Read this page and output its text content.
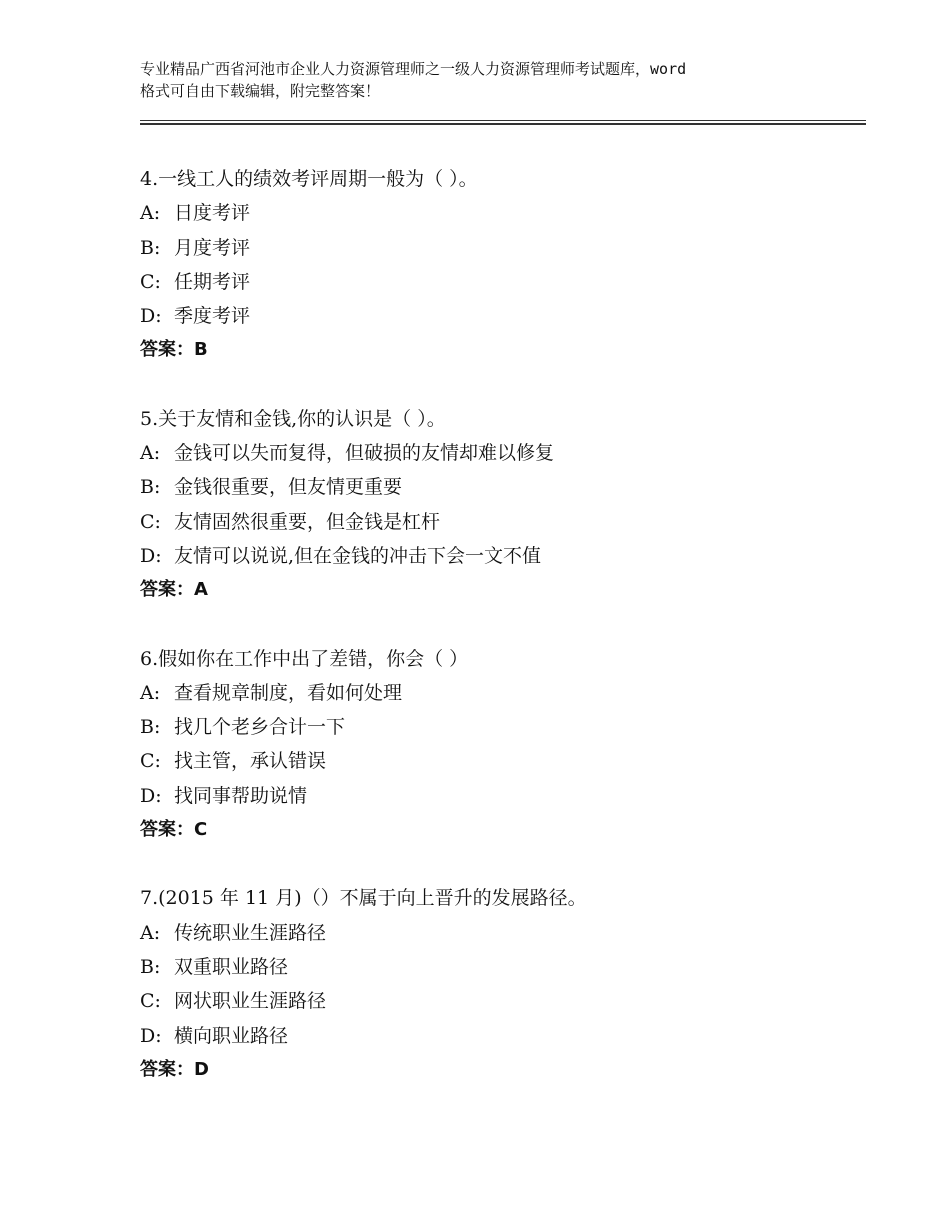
专业精品广西省河池市企业人力资源管理师之一级人力资源管理师考试题库，word
格式可自由下载编辑，附完整答案！
4.一线工人的绩效考评周期一般为（ ）。
A: 日度考评
B: 月度考评
C: 任期考评
D: 季度考评
答案：B
5.关于友情和金钱,你的认识是（ ）。
A: 金钱可以失而复得，但破损的友情却难以修复
B: 金钱很重要，但友情更重要
C: 友情固然很重要，但金钱是杠杆
D: 友情可以说说,但在金钱的冲击下会一文不值
答案：A
6.假如你在工作中出了差错，你会（ ）
A: 查看规章制度，看如何处理
B: 找几个老乡合计一下
C: 找主管，承认错误
D: 找同事帮助说情
答案：C
7.(2015 年 11 月)（）不属于向上晋升的发展路径。
A: 传统职业生涯路径
B: 双重职业路径
C: 网状职业生涯路径
D: 横向职业路径
答案：D
